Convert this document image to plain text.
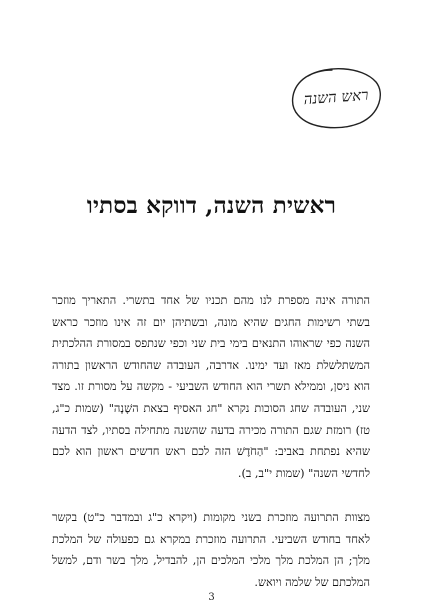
ראש השנה
ראשית השנה, דווקא בסתיו

התורה אינה מספרת לנו מהם תכניו של אחד בתשרי. התאריך מוזכר בשתי רשימות החגים שהיא מונה, ובשתיהן יום זה אינו מוזכר כראש השנה כפי שראוהו התנאים בימי בית שני וכפי שנתפס במסורת ההלכתית המשתלשלת מאז ועד ימינו. אדרבה, העובדה שהחודש הראשון בתורה הוא ניסן, וממילא תשרי הוא החודש השביעי - מקשה על מסורת זו. מצד שני, העובדה שחג הסוכות נקרא "חג האסיף בצאת השָׁנָה" (שמות כ"ג, טז) רומזת שגם התורה מכירה בדעה שהשנה מתחילה בסתיו, לצד הדעה שהיא נפתחת באביב: "הַחֹדֶשׁ הזה לכם ראש חדשים ראשון הוא לכם לחדשי השנה" (שמות י"ב, ב).

מצוות התרועה מוזכרת בשני מקומות (ויקרא כ"ג ובמדבר כ"ט) בקשר לאחד בחודש השביעי. התרועה מוזכרת במקרא גם כפעולה של המלכת מלך; הן המלכת מלך מלכי המלכים הן, להבדיל, מלך בשר ודם, למשל המלכתם של שלמה ויואש.

3
